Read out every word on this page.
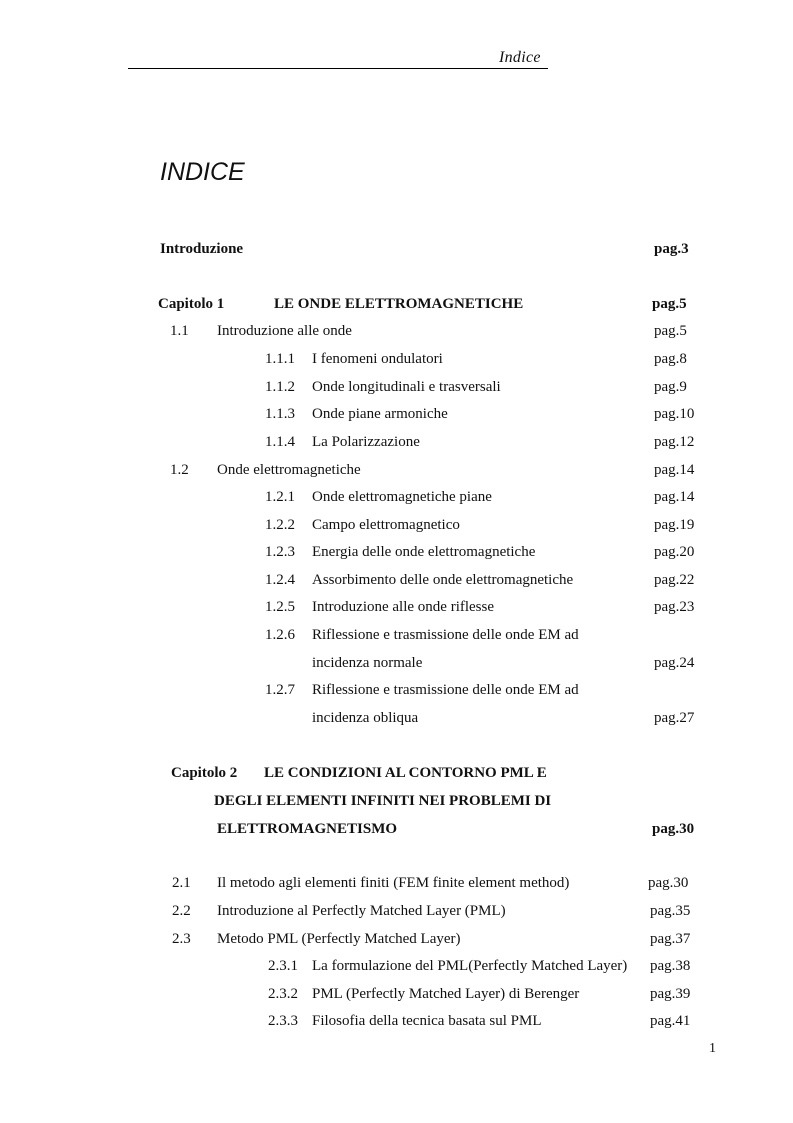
Indice
INDICE
Introduzione	pag.3
Capitolo 1	LE ONDE ELETTROMAGNETICHE	pag.5
1.1 Introduzione alle onde	pag.5
1.1.1 I fenomeni ondulatori	pag.8
1.1.2 Onde longitudinali e trasversali	pag.9
1.1.3 Onde piane armoniche	pag.10
1.1.4 La Polarizzazione	pag.12
1.2 Onde elettromagnetiche	pag.14
1.2.1 Onde elettromagnetiche piane	pag.14
1.2.2 Campo elettromagnetico	pag.19
1.2.3 Energia delle onde elettromagnetiche	pag.20
1.2.4 Assorbimento delle onde elettromagnetiche	pag.22
1.2.5 Introduzione alle onde riflesse	pag.23
1.2.6 Riflessione e trasmissione delle onde EM ad
incidenza normale	pag.24
1.2.7 Riflessione e trasmissione delle onde EM ad
incidenza obliqua	pag.27
Capitolo 2 LE CONDIZIONI AL CONTORNO PML E
DEGLI ELEMENTI INFINITI NEI PROBLEMI DI
ELETTROMAGNETISMO	pag.30
2.1 Il metodo agli elementi finiti (FEM finite element method)	pag.30
2.2 Introduzione al Perfectly Matched Layer (PML)	pag.35
2.3 Metodo PML (Perfectly Matched Layer)	pag.37
2.3.1 La formulazione del PML(Perfectly Matched Layer) pag.38
2.3.2 PML (Perfectly Matched Layer) di Berenger	pag.39
2.3.3 Filosofia della tecnica basata sul PML	pag.41
1
